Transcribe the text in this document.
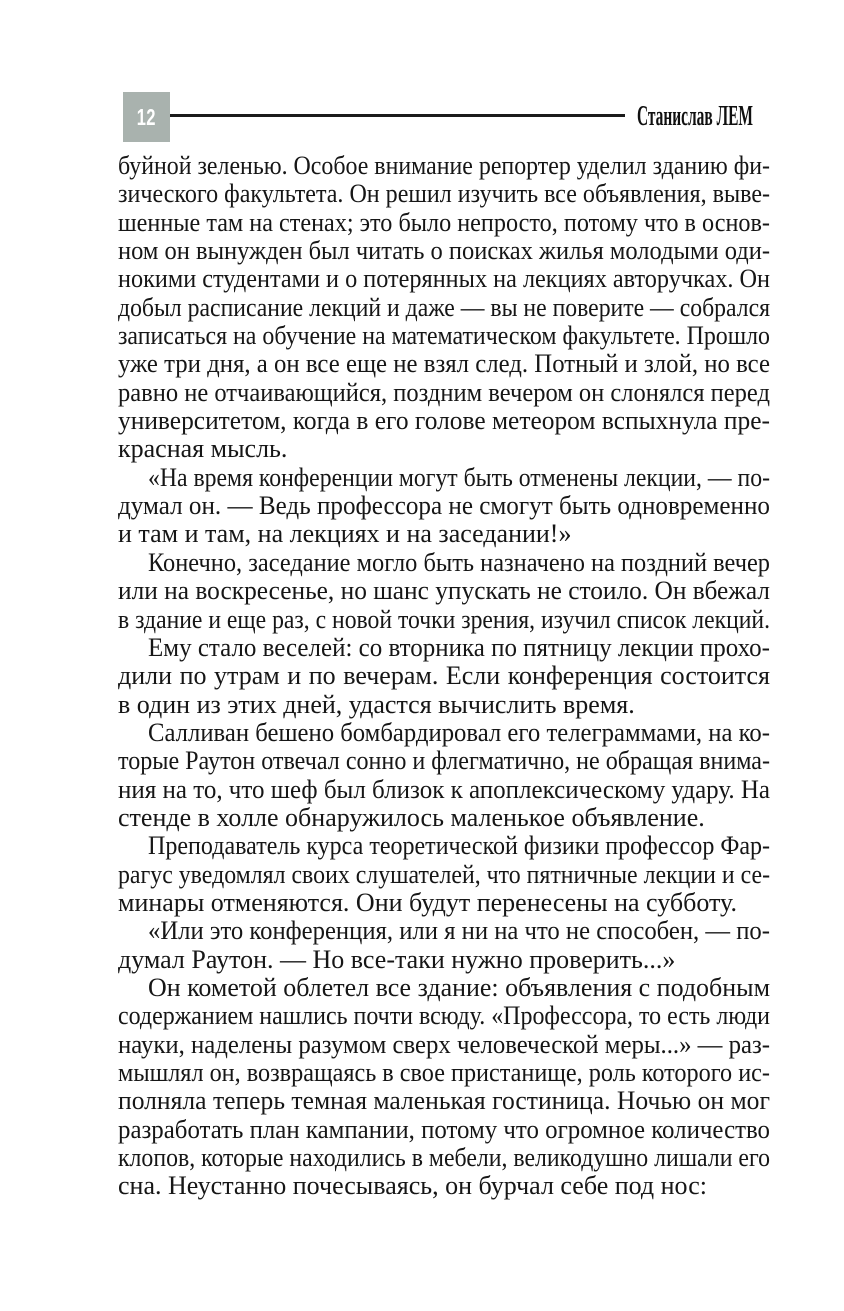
12	Станислав ЛЕМ
буйной зеленью. Особое внимание репортер уделил зданию фи-
зического факультета. Он решил изучить все объявления, выве-
шенные там на стенах; это было непросто, потому что в основ-
ном он вынужден был читать о поисках жилья молодыми оди-
нокими студентами и о потерянных на лекциях авторучках. Он
добыл расписание лекций и даже — вы не поверите — собрался
записаться на обучение на математическом факультете. Прошло
уже три дня, а он все еще не взял след. Потный и злой, но все
равно не отчаивающийся, поздним вечером он слонялся перед
университетом, когда в его голове метеором вспыхнула пре-
красная мысль.
«На время конференции могут быть отменены лекции, — по-
думал он. — Ведь профессора не смогут быть одновременно
и там и там, на лекциях и на заседании!»
Конечно, заседание могло быть назначено на поздний вечер
или на воскресенье, но шанс упускать не стоило. Он вбежал
в здание и еще раз, с новой точки зрения, изучил список лекций.
Ему стало веселей: со вторника по пятницу лекции прохо-
дили по утрам и по вечерам. Если конференция состоится
в один из этих дней, удастся вычислить время.
Салливан бешено бомбардировал его телеграммами, на ко-
торые Раутон отвечал сонно и флегматично, не обращая внима-
ния на то, что шеф был близок к апоплексическому удару. На
стенде в холле обнаружилось маленькое объявление.
Преподаватель курса теоретической физики профессор Фар-
рагус уведомлял своих слушателей, что пятничные лекции и се-
минары отменяются. Они будут перенесены на субботу.
«Или это конференция, или я ни на что не способен, — по-
думал Раутон. — Но все-таки нужно проверить...»
Он кометой облетел все здание: объявления с подобным
содержанием нашлись почти всюду. «Профессора, то есть люди
науки, наделены разумом сверх человеческой меры...» — раз-
мышлял он, возвращаясь в свое пристанище, роль которого ис-
полняла теперь темная маленькая гостиница. Ночью он мог
разработать план кампании, потому что огромное количество
клопов, которые находились в мебели, великодушно лишали его
сна. Неустанно почесываясь, он бурчал себе под нос:
